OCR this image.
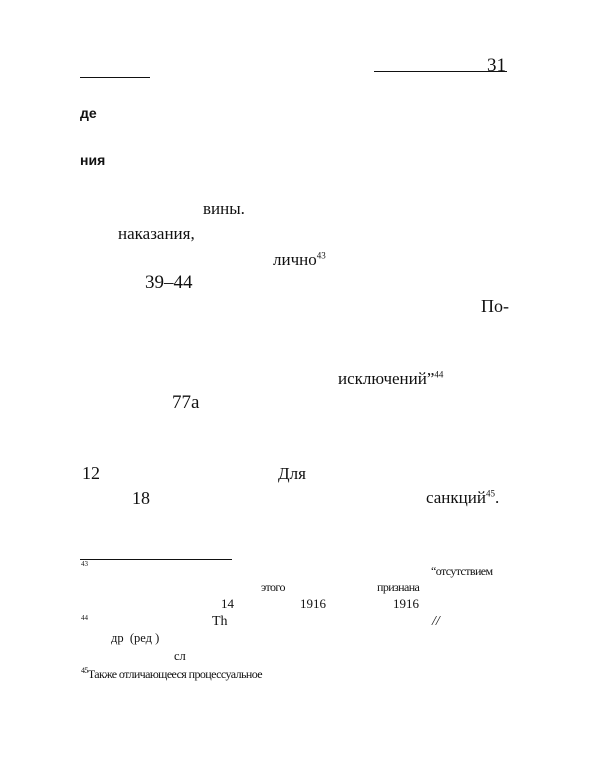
31
де
ния
вины.
наказания,
лично$^{43}$
39–44
По-
исключений”$^{44}$
77а
12	Для
18	санкций$^{45}$.
43	“отсутствием
этого	признана
14	1916	1916
44	Th	//
др  (ред )
сл
$^{45}$Также отличающееся процесcуальное
